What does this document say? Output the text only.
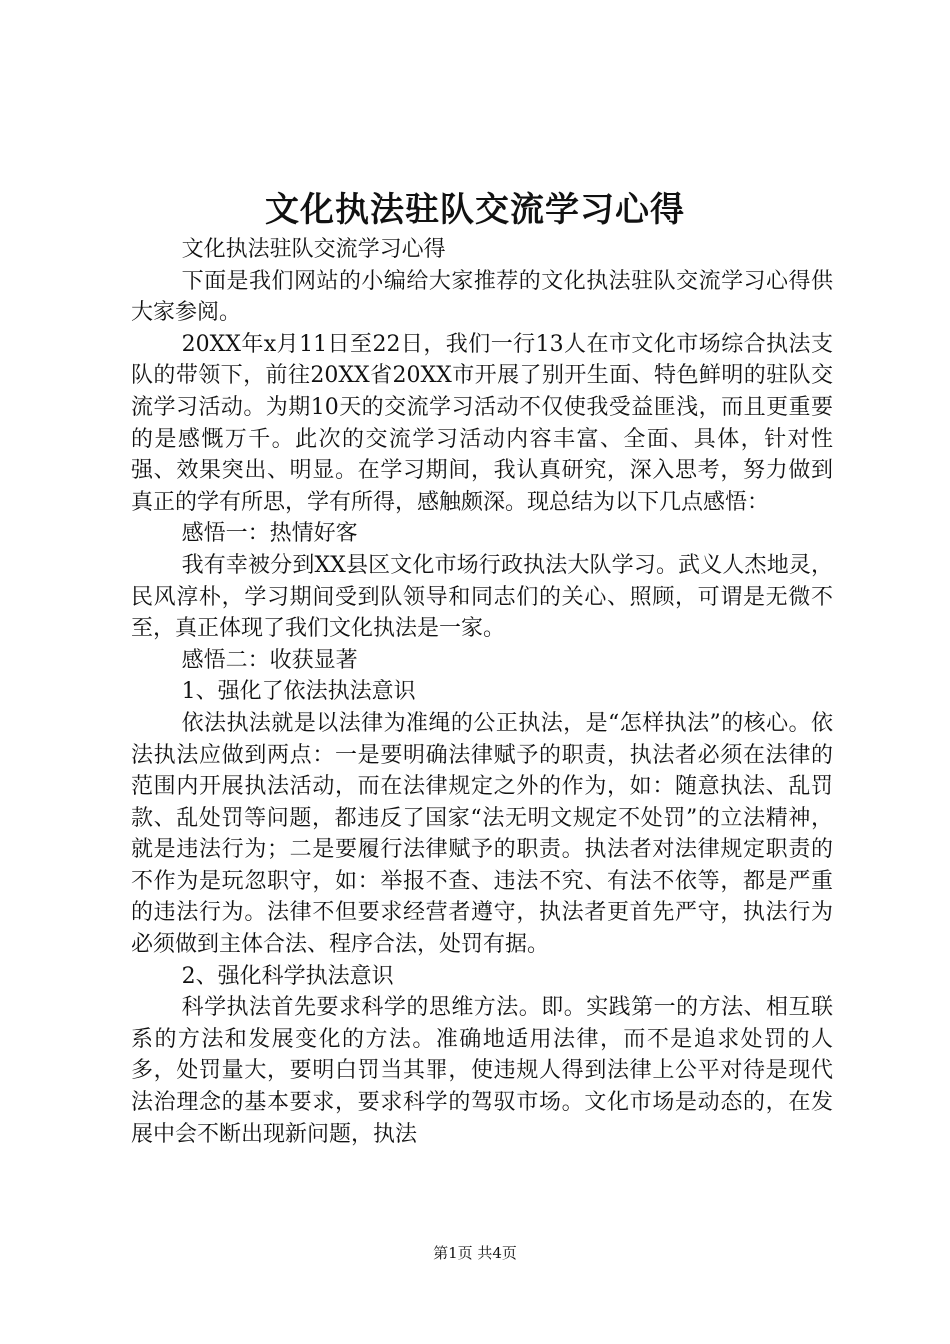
文化执法驻队交流学习心得

文化执法驻队交流学习心得

下面是我们网站的小编给大家推荐的文化执法驻队交流学习心得供大家参阅。

20XX年x月11日至22日，我们一行13人在市文化市场综合执法支队的带领下，前往20XX省20XX市开展了别开生面、特色鲜明的驻队交流学习活动。为期10天的交流学习活动不仅使我受益匪浅，而且更重要的是感慨万千。此次的交流学习活动内容丰富、全面、具体，针对性强、效果突出、明显。在学习期间，我认真研究，深入思考，努力做到真正的学有所思，学有所得，感触颇深。现总结为以下几点感悟：

感悟一：热情好客

我有幸被分到XX县区文化市场行政执法大队学习。武义人杰地灵，民风淳朴，学习期间受到队领导和同志们的关心、照顾，可谓是无微不至，真正体现了我们文化执法是一家。

感悟二：收获显著

1、强化了依法执法意识

依法执法就是以法律为准绳的公正执法，是“怎样执法”的核心。依法执法应做到两点：一是要明确法律赋予的职责，执法者必须在法律的范围内开展执法活动，而在法律规定之外的作为，如：随意执法、乱罚款、乱处罚等问题，都违反了国家“法无明文规定不处罚”的立法精神，就是违法行为；二是要履行法律赋予的职责。执法者对法律规定职责的不作为是玩忽职守，如：举报不查、违法不究、有法不依等，都是严重的违法行为。法律不但要求经营者遵守，执法者更首先严守，执法行为必须做到主体合法、程序合法，处罚有据。

2、强化科学执法意识

科学执法首先要求科学的思维方法。即。实践第一的方法、相互联系的方法和发展变化的方法。准确地适用法律，而不是追求处罚的人多，处罚量大，要明白罚当其罪，使违规人得到法律上公平对待是现代法治理念的基本要求，要求科学的驾驭市场。文化市场是动态的，在发展中会不断出现新问题，执法

第1页 共4页
